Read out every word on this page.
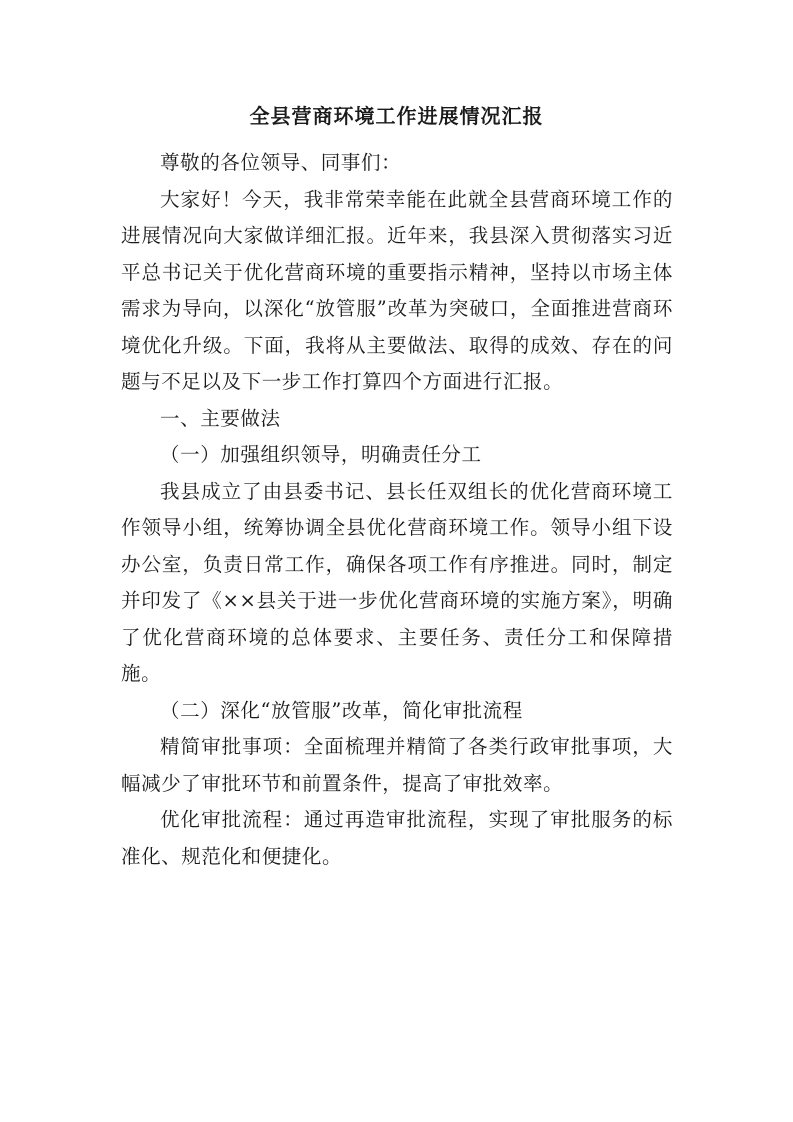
全县营商环境工作进展情况汇报

尊敬的各位领导、同事们：

大家好！今天，我非常荣幸能在此就全县营商环境工作的进展情况向大家做详细汇报。近年来，我县深入贯彻落实习近平总书记关于优化营商环境的重要指示精神，坚持以市场主体需求为导向，以深化“放管服”改革为突破口，全面推进营商环境优化升级。下面，我将从主要做法、取得的成效、存在的问题与不足以及下一步工作打算四个方面进行汇报。

一、主要做法

（一）加强组织领导，明确责任分工

我县成立了由县委书记、县长任双组长的优化营商环境工作领导小组，统筹协调全县优化营商环境工作。领导小组下设办公室，负责日常工作，确保各项工作有序推进。同时，制定并印发了《××县关于进一步优化营商环境的实施方案》，明确了优化营商环境的总体要求、主要任务、责任分工和保障措施。

（二）深化“放管服”改革，简化审批流程

精简审批事项：全面梳理并精简了各类行政审批事项，大幅减少了审批环节和前置条件，提高了审批效率。

优化审批流程：通过再造审批流程，实现了审批服务的标准化、规范化和便捷化。
